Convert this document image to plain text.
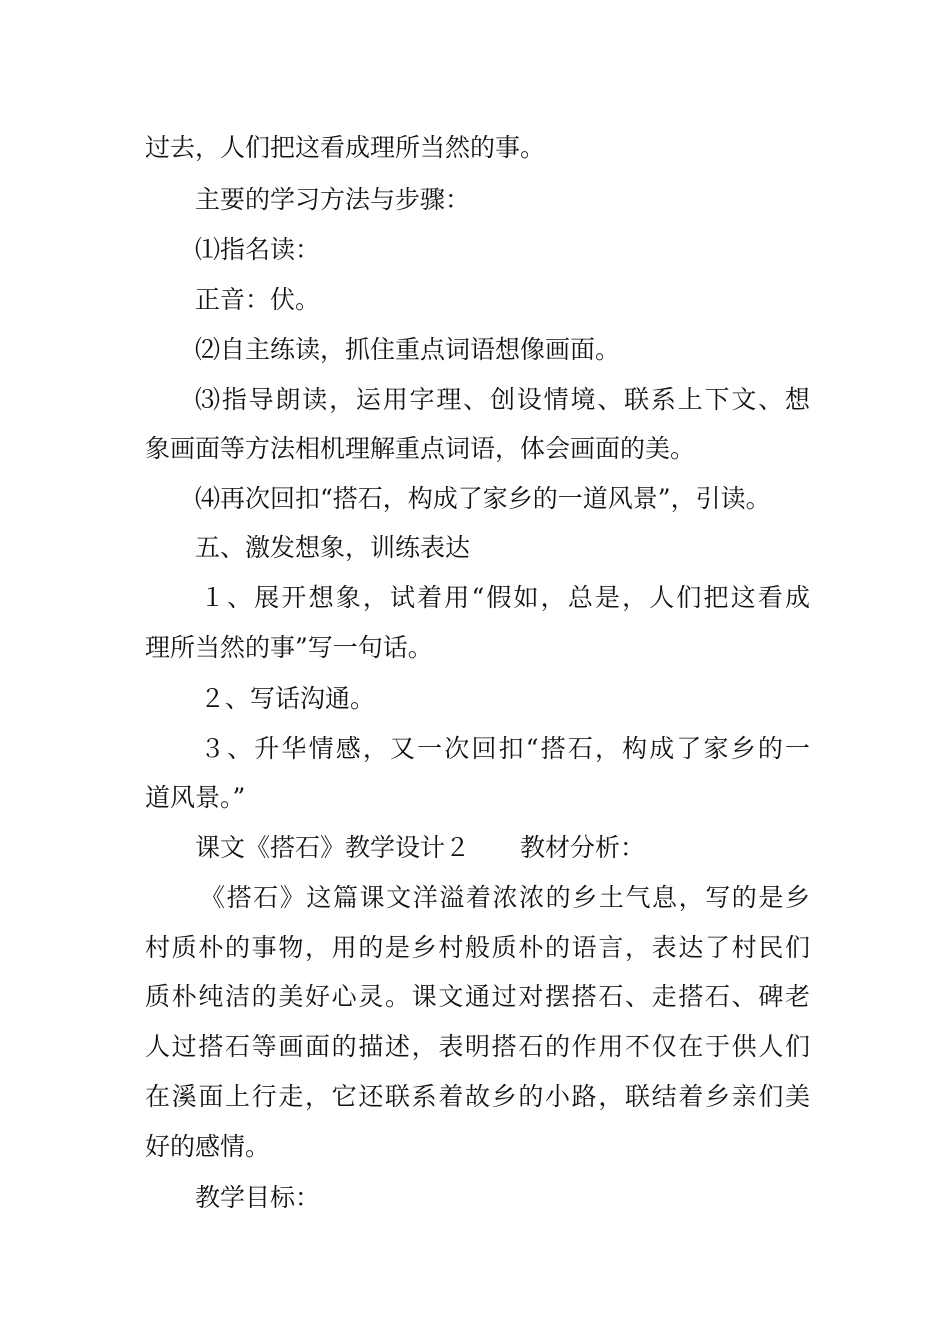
过去，人们把这看成理所当然的事。
主要的学习方法与步骤：
⑴指名读：
正音：伏。
⑵自主练读，抓住重点词语想像画面。
⑶指导朗读，运用字理、创设情境、联系上下文、想
象画面等方法相机理解重点词语，体会画面的美。
⑷再次回扣“搭石，构成了家乡的一道风景”，引读。
五、激发想象，训练表达
１、展开想象，试着用“假如，总是，人们把这看成
理所当然的事”写一句话。
２、写话沟通。
３、升华情感，又一次回扣“搭石，构成了家乡的一
道风景。”
课文《搭石》教学设计２　　教材分析：
《搭石》这篇课文洋溢着浓浓的乡土气息，写的是乡
村质朴的事物，用的是乡村般质朴的语言，表达了村民们
质朴纯洁的美好心灵。课文通过对摆搭石、走搭石、碑老
人过搭石等画面的描述，表明搭石的作用不仅在于供人们
在溪面上行走，它还联系着故乡的小路，联结着乡亲们美
好的感情。
教学目标：
